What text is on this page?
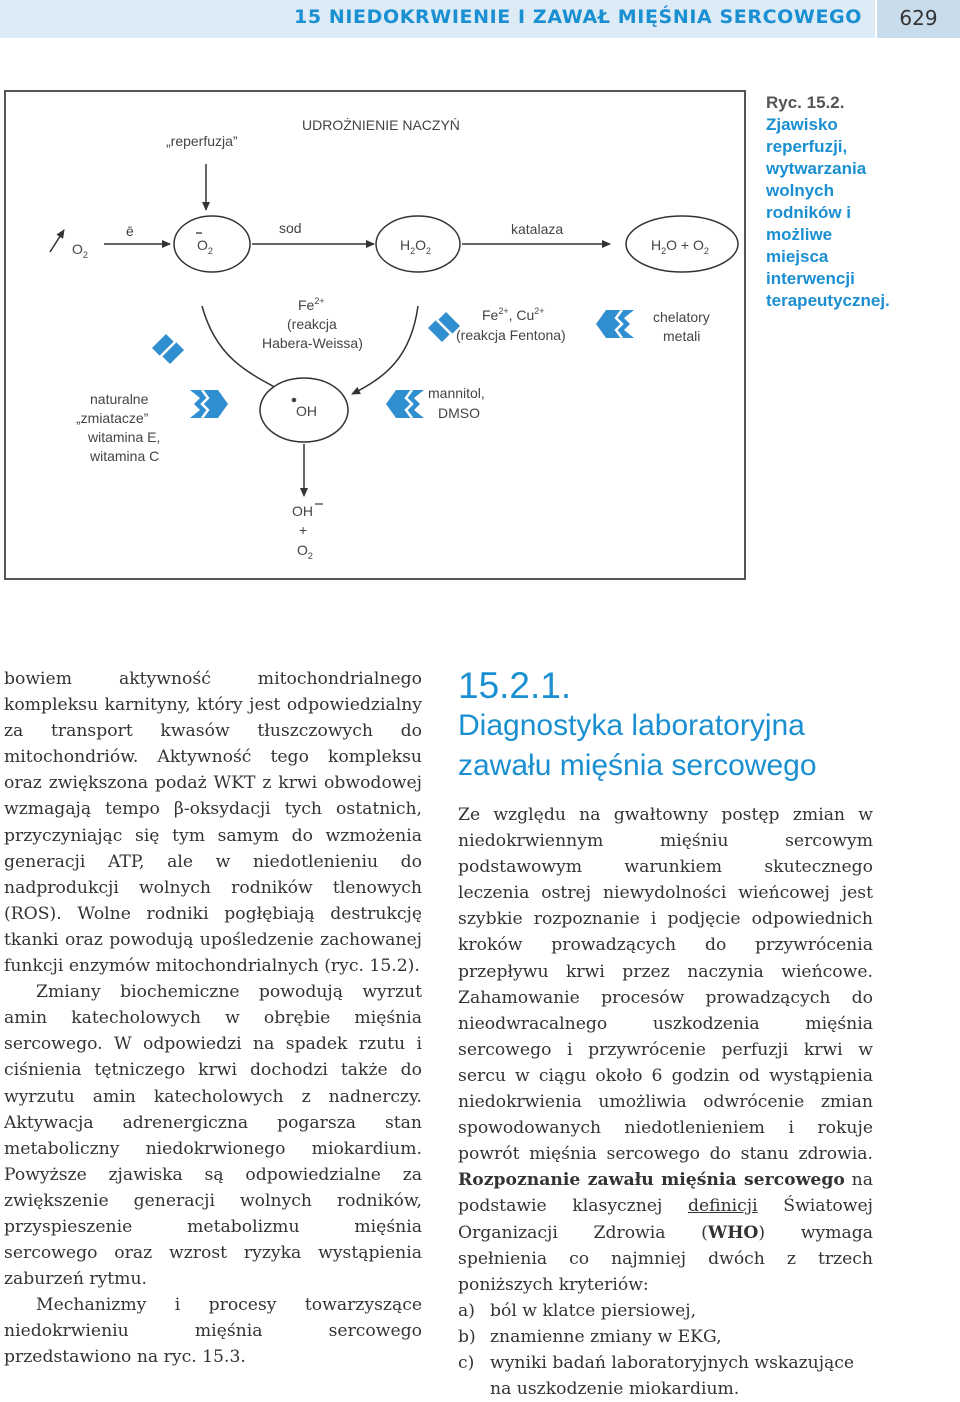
15 NIEDOKRWIENIE I ZAWAŁ MIĘŚNIA SERCOWEGO	629
$O_2$
ē
$O_2$
sod
$H_2O_2$
katalaza
$H_2O + O_2$
„reperfuzja”
UDROŻNIENIE NACZYŃ
$Fe^{2+}$
(reakcja
Habera-Weissa)
$Fe^{2+}$, $Cu^{2+}$
(reakcja Fentona)
chelatory
metali
OH
naturalne
„zmiatacze”
witamina E,
witamina C
mannitol,
DMSO
OH
+
$O_2$
Ryc. 15.2. Zjawisko reperfuzji, wytwarzania wolnych rodników i możliwe miejsca interwencji terapeutycznej.

bowiem aktywność mitochondrialnego kompleksu karnityny, który jest odpowiedzialny za transport kwasów tłuszczowych do mitochondriów. Aktywność tego kompleksu oraz zwiększona podaż WKT z krwi obwodowej wzmagają tempo β-oksydacji tych ostatnich, przyczyniając się tym samym do wzmożenia generacji ATP, ale w niedotlenieniu do nadprodukcji wolnych rodników tlenowych (ROS). Wolne rodniki pogłębiają destrukcję tkanki oraz powodują upośledzenie zachowanej funkcji enzymów mitochondrialnych (ryc. 15.2).

Zmiany biochemiczne powodują wyrzut amin katecholowych w obrębie mięśnia sercowego. W odpowiedzi na spadek rzutu i ciśnienia tętniczego krwi dochodzi także do wyrzutu amin katecholowych z nadnerczy. Aktywacja adrenergiczna pogarsza stan metaboliczny niedokrwionego miokardium. Powyższe zjawiska są odpowiedzialne za zwiększenie generacji wolnych rodników, przyspieszenie metabolizmu mięśnia sercowego oraz wzrost ryzyka wystąpienia zaburzeń rytmu.

Mechanizmy i procesy towarzyszące niedokrwieniu mięśnia sercowego przedstawiono na ryc. 15.3.

15.2.1.
Diagnostyka laboratoryjna zawału mięśnia sercowego

Ze względu na gwałtowny postęp zmian w niedokrwiennym mięśniu sercowym podstawowym warunkiem skutecznego leczenia ostrej niewydolności wieńcowej jest szybkie rozpoznanie i podjęcie odpowiednich kroków prowadzących do przywrócenia przepływu krwi przez naczynia wieńcowe. Zahamowanie procesów prowadzących do nieodwracalnego uszkodzenia mięśnia sercowego i przywrócenie perfuzji krwi w sercu w ciągu około 6 godzin od wystąpienia niedokrwienia umożliwia odwrócenie zmian spowodowanych niedotlenieniem i rokuje powrót mięśnia sercowego do stanu zdrowia. Rozpoznanie zawału mięśnia sercowego na podstawie klasycznej definicji Światowej Organizacji Zdrowia (WHO) wymaga spełnienia co najmniej dwóch z trzech poniższych kryteriów:

a) ból w klatce piersiowej,
b) znamienne zmiany w EKG,
c) wyniki badań laboratoryjnych wskazujące na uszkodzenie miokardium.
